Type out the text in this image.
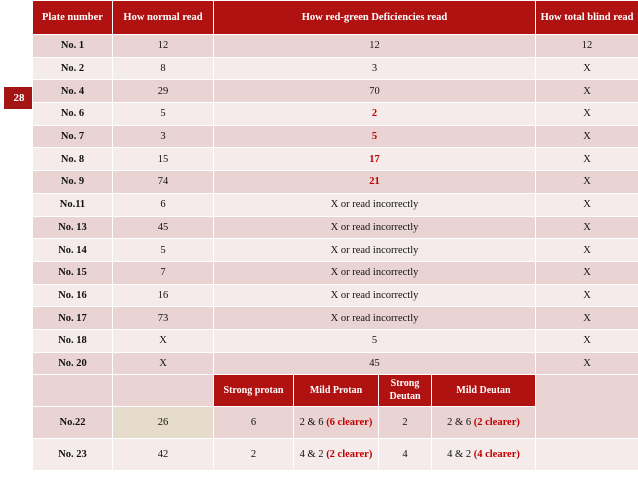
28
Plate number	How normal read	How red-green Deficiencies read				How total blind read
No. 1	12	12				12
No. 2	8	3				X
No. 4	29	70				X
No. 6	5	2				X
No. 7	3	5				X
No. 8	15	17				X
No. 9	74	21				X
No.11	6	X or read incorrectly				X
No. 13	45	X or read incorrectly				X
No. 14	5	X or read incorrectly				X
No. 15	7	X or read incorrectly				X
No. 16	16	X or read incorrectly				X
No. 17	73	X or read incorrectly				X
No. 18	X	5				X
No. 20	X	45				X
		Strong protan	Mild Protan	Strong Deutan	Mild Deutan	
No.22	26	6	2 & 6 (6 clearer)	2	2 & 6 (2 clearer)	
No. 23	42	2	4 & 2 (2 clearer)	4	4 & 2 (4 clearer)	
